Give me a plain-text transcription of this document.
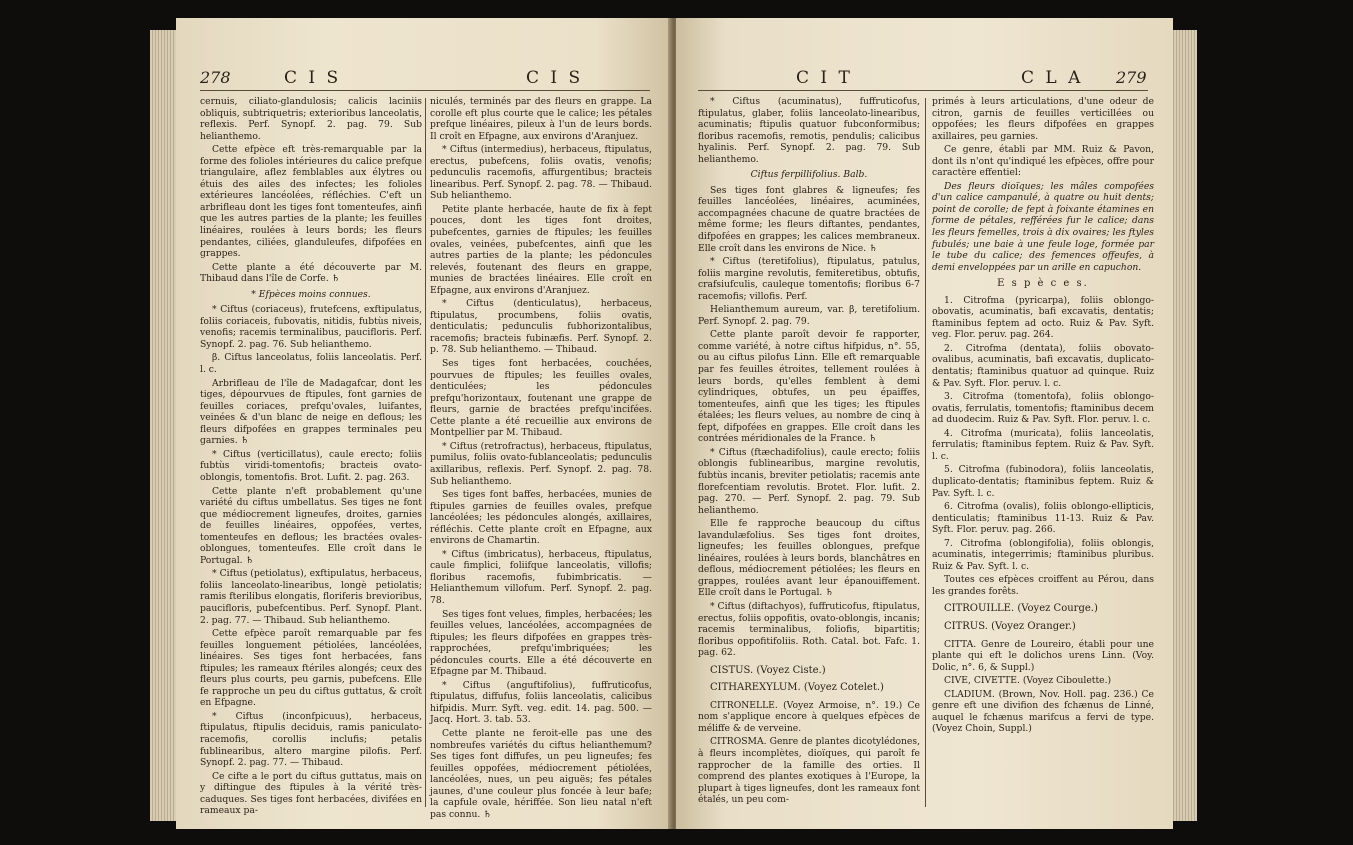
278	C I S	C I S

cernuis, ciliato-glandulosis; calicis laciniis obliquis, subtriquetris; exterioribus lanceolatis, reflexis. Perf. Synopf. 2. pag. 79. Sub helianthemo.

Cette efpèce eft très-remarquable par la forme des folioles intérieures du calice prefque triangulaire, aflez femblables aux élytres ou étuis des ailes des infectes; les folioles extérieures lancéolées, réfléchies. C'eft un arbrifleau dont les tiges font tomenteufes, ainfi que les autres parties de la plante; les feuilles linéaires, roulées à leurs bords; les fleurs pendantes, ciliées, glanduleufes, difpofées en grappes.

Cette plante a été découverte par M. Thibaud dans l'île de Corfe. ♄

* Efpèces moins connues.

* Ciftus (coriaceus), frutefcens, exftipulatus, foliis coriaceis, fubovatis, nitidis, fubtùs niveis, venofis; racemis terminalibus, paucifloris. Perf. Synopf. 2. pag. 76. Sub helianthemo.

β. Ciftus lanceolatus, foliis lanceolatis. Perf. l. c.

Arbrifleau de l'île de Madagafcar, dont les tiges, dépourvues de ftipules, font garnies de feuilles coriaces, prefqu'ovales, luifantes, veinées & d'un blanc de neige en deflous; les fleurs difpofées en grappes terminales peu garnies. ♄

* Ciftus (verticillatus), caule erecto; foliis fubtùs viridi-tomentofis; bracteis ovato-oblongis, tomentofis. Brot. Lufit. 2. pag. 263.

Cette plante n'eft probablement qu'une variété du ciftus umbellatus. Ses tiges ne font que médiocrement ligneufes, droites, garnies de feuilles linéaires, oppofées, vertes, tomenteufes en deflous; les bractées ovales-oblongues, tomenteufes. Elle croît dans le Portugal. ♄

* Ciftus (petiolatus), exftipulatus, herbaceus, foliis lanceolato-linearibus, longè petiolatis; ramis fterilibus elongatis, floriferis brevioribus, paucifloris, pubefcentibus. Perf. Synopf. Plant. 2. pag. 77. — Thibaud. Sub helianthemo.

Cette efpèce paroît remarquable par fes feuilles longuement pétiolées, lancéolées, linéaires. Ses tiges font herbacées, fans ftipules; les rameaux ftériles alongés; ceux des fleurs plus courts, peu garnis, pubefcens. Elle fe rapproche un peu du ciftus guttatus, & croît en Efpagne.

* Ciftus (inconfpicuus), herbaceus, ftipulatus, ftipulis deciduis, ramis paniculato-racemofis, corollis inclufis; petalis fublinearibus, altero margine pilofis. Perf. Synopf. 2. pag. 77. — Thibaud.

Ce cifte a le port du ciftus guttatus, mais on y diftingue des ftipules à la vérité très-caduques. Ses tiges font herbacées, divifées en rameaux pa-

niculés, terminés par des fleurs en grappe. La corolle eft plus courte que le calice; les pétales prefque linéaires, pileux à l'un de leurs bords. Il croît en Efpagne, aux environs d'Aranjuez.

* Ciftus (intermedius), herbaceus, ftipulatus, erectus, pubefcens, foliis ovatis, venofis; pedunculis racemofis, affurgentibus; bracteis linearibus. Perf. Synopf. 2. pag. 78. — Thibaud. Sub helianthemo.

Petite plante herbacée, haute de fix à fept pouces, dont les tiges font droites, pubefcentes, garnies de ftipules; les feuilles ovales, veinées, pubefcentes, ainfi que les autres parties de la plante; les pédoncules relevés, foutenant des fleurs en grappe, munies de bractées linéaires. Elle croît en Efpagne, aux environs d'Aranjuez.

* Ciftus (denticulatus), herbaceus, ftipulatus, procumbens, foliis ovatis, denticulatis; pedunculis fubhorizontalibus, racemofis; bracteis fubinæfis. Perf. Synopf. 2. p. 78. Sub helianthemo. — Thibaud.

Ses tiges font herbacées, couchées, pourvues de ftipules; les feuilles ovales, denticulées; les pédoncules prefqu'horizontaux, foutenant une grappe de fleurs, garnie de bractées prefqu'incifées. Cette plante a été recueillie aux environs de Montpellier par M. Thibaud.

* Ciftus (retrofractus), herbaceus, ftipulatus, pumilus, foliis ovato-fublanceolatis; pedunculis axillaribus, reflexis. Perf. Synopf. 2. pag. 78. Sub helianthemo.

Ses tiges font baffes, herbacées, munies de ftipules garnies de feuilles ovales, prefque lancéolées; les pédoncules alongés, axillaires, réfléchis. Cette plante croît en Efpagne, aux environs de Chamartin.

* Ciftus (imbricatus), herbaceus, ftipulatus, caule fimplici, foliifque lanceolatis, villofis; floribus racemofis, fubimbricatis. — Helianthemum villofum. Perf. Synopf. 2. pag. 78.

Ses tiges font velues, fimples, herbacées; les feuilles velues, lancéolées, accompagnées de ftipules; les fleurs difpofées en grappes très-rapprochées, prefqu'imbriquées; les pédoncules courts. Elle a été découverte en Efpagne par M. Thibaud.

* Ciftus (anguftifolius), fuffruticofus, ftipulatus, diffufus, foliis lanceolatis, calicibus hifpidis. Murr. Syft. veg. edit. 14. pag. 500. — Jacq. Hort. 3. tab. 53.

Cette plante ne feroit-elle pas une des nombreufes variétés du ciftus helianthemum? Ses tiges font diffufes, un peu ligneufes; fes feuilles oppofées, médiocrement pétiolées, lancéolées, nues, un peu aiguës; fes pétales jaunes, d'une couleur plus foncée à leur bafe; la capfule ovale, hériffée. Son lieu natal n'eft pas connu. ♄

C I T	C L A 279

* Ciftus (acuminatus), fuffruticofus, ftipulatus, glaber, foliis lanceolato-linearibus, acuminatis; ftipulis quatuor fubconformibus; floribus racemofis, remotis, pendulis; calicibus hyalinis. Perf. Synopf. 2. pag. 79. Sub helianthemo.

Ciftus ferpillifolius. Balb.

Ses tiges font glabres & ligneufes; fes feuilles lancéolées, linéaires, acuminées, accompagnées chacune de quatre bractées de même forme; les fleurs diftantes, pendantes, difpofées en grappes; les calices membraneux. Elle croît dans les environs de Nice. ♄

* Ciftus (teretifolius), ftipulatus, patulus, foliis margine revolutis, femiteretibus, obtufis, crafsiufculis, cauleque tomentofis; floribus 6-7 racemofis; villofis. Perf.

Helianthemum aureum, var. β, teretifolium. Perf. Synopf. 2. pag. 79.

Cette plante paroît devoir fe rapporter, comme variété, à notre ciftus hifpidus, n°. 55, ou au ciftus pilofus Linn. Elle eft remarquable par fes feuilles étroites, tellement roulées à leurs bords, qu'elles femblent à demi cylindriques, obtufes, un peu épaiffes, tomenteufes, ainfi que les tiges; les ftipules étalées; les fleurs velues, au nombre de cinq à fept, difpofées en grappes. Elle croît dans les contrées méridionales de la France. ♄

* Ciftus (ftæchadifolius), caule erecto; foliis oblongis fublinearibus, margine revolutis, fubtùs incanis, breviter petiolatis; racemis ante florefcentiam revolutis. Brotet. Flor. lufit. 2. pag. 270. — Perf. Synopf. 2. pag. 79. Sub helianthemo.

Elle fe rapproche beaucoup du ciftus lavandulæfolius. Ses tiges font droites, ligneufes; les feuilles oblongues, prefque linéaires, roulées à leurs bords, blanchâtres en deflous, médiocrement pétiolées; les fleurs en grappes, roulées avant leur épanouiffement. Elle croît dans le Portugal. ♄

* Ciftus (diftachyos), fuffruticofus, ftipulatus, erectus, foliis oppofitis, ovato-oblongis, incanis; racemis terminalibus, foliofis, bipartitis; floribus oppofitifoliis. Roth. Catal. bot. Fafc. 1. pag. 62.

CISTUS. (Voyez Ciste.)

CITHAREXYLUM. (Voyez Cotelet.)

CITRONELLE. (Voyez Armoise, n°. 19.) Ce nom s'applique encore à quelques efpèces de méliffe & de verveine.

CITROSMA. Genre de plantes dicotylédones, à fleurs incomplètes, dioïques, qui paroît fe rapprocher de la famille des orties. Il comprend des plantes exotiques à l'Europe, la plupart à tiges ligneufes, dont les rameaux font étalés, un peu com-

primés à leurs articulations, d'une odeur de citron, garnis de feuilles verticillées ou oppofées; les fleurs difpofées en grappes axillaires, peu garnies.

Ce genre, établi par MM. Ruiz & Pavon, dont ils n'ont qu'indiqué les efpèces, offre pour caractère effentiel:

Des fleurs dioïques; les mâles compofées d'un calice campanulé, à quatre ou huit dents; point de corolle; de fept à foixante étamines en forme de pétales, refférées fur le calice; dans les fleurs femelles, trois à dix ovaires; les ftyles fubulés; une baie à une feule loge, formée par le tube du calice; des femences offeufes, à demi enveloppées par un arille en capuchon.

E s p è c e s.

1. Citrofma (pyricarpa), foliis oblongo-obovatis, acuminatis, bafi excavatis, dentatis; ftaminibus feptem ad octo. Ruiz & Pav. Syft. veg. Flor. peruv. pag. 264.

2. Citrofma (dentata), foliis obovato-ovalibus, acuminatis, bafi excavatis, duplicato-dentatis; ftaminibus quatuor ad quinque. Ruiz & Pav. Syft. Flor. peruv. l. c.

3. Citrofma (tomentofa), foliis oblongo-ovatis, ferrulatis, tomentofis; ftaminibus decem ad duodecim. Ruiz & Pav. Syft. Flor. peruv. l. c.

4. Citrofma (muricata), foliis lanceolatis, ferrulatis; ftaminibus feptem. Ruiz & Pav. Syft. l. c.

5. Citrofma (fubinodora), foliis lanceolatis, duplicato-dentatis; ftaminibus feptem. Ruiz & Pav. Syft. l. c.

6. Citrofma (ovalis), foliis oblongo-ellipticis, denticulatis; ftaminibus 11-13. Ruiz & Pav. Syft. Flor. peruv. pag. 266.

7. Citrofma (oblongifolia), foliis oblongis, acuminatis, integerrimis; ftaminibus pluribus. Ruiz & Pav. Syft. l. c.

Toutes ces efpèces croiffent au Pérou, dans les grandes forêts.

CITROUILLE. (Voyez Courge.)

CITRUS. (Voyez Oranger.)

CITTA. Genre de Loureiro, établi pour une plante qui eft le dolichos urens Linn. (Voy. Dolic, n°. 6, & Suppl.)

CIVE, CIVETTE. (Voyez Ciboulette.)

CLADIUM. (Brown, Nov. Holl. pag. 236.) Ce genre eft une divifion des fchænus de Linné, auquel le fchænus marifcus a fervi de type. (Voyez Choin, Suppl.)
